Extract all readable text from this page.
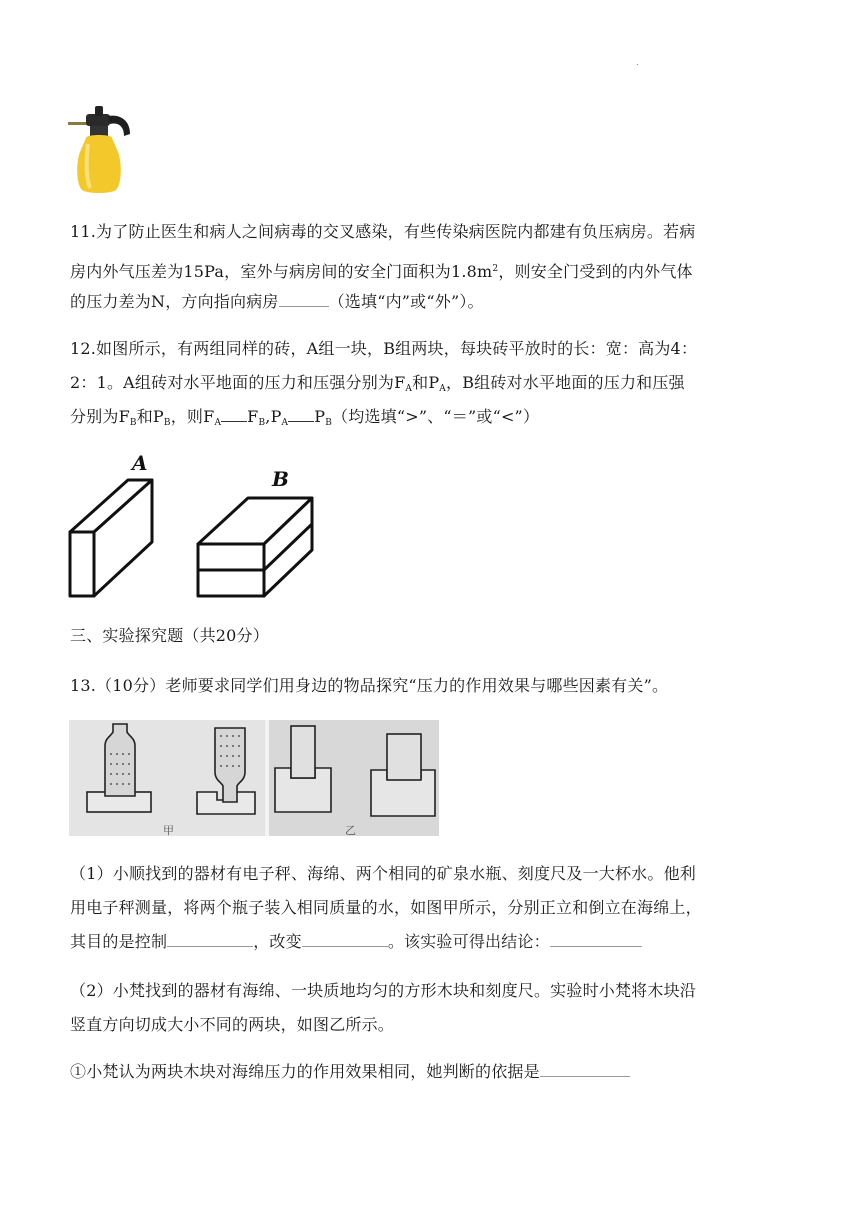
.
11.为了防止医生和病人之间病毒的交叉感染，有些传染病医院内都建有负压病房。若病
房内外气压差为15Pa，室外与病房间的安全门面积为$1.8m^2$，则安全门受到的内外气体
的压力差为N，方向指向病房	（选填“内”或“外”）。
12.如图所示，有两组同样的砖，A组一块，B组两块，每块砖平放时的长：宽：高为4：
2：1。A组砖对水平地面的压力和压强分别为$F_A$和$P_A$，B组砖对水平地面的压力和压强
分别为$F_B$和$P_B$，则$F_A$ $F_B,P_A$ $P_B$（均选填“>”、“＝”或“<”）
A
B
三、实验探究题（共20分）
13.（10分）老师要求同学们用身边的物品探究“压力的作用效果与哪些因素有关”。
甲	乙
（1）小顺找到的器材有电子秤、海绵、两个相同的矿泉水瓶、刻度尺及一大杯水。他利
用电子秤测量，将两个瓶子装入相同质量的水，如图甲所示，分别正立和倒立在海绵上，
其目的是控制	，改变	。该实验可得出结论：
（2）小梵找到的器材有海绵、一块质地均匀的方形木块和刻度尺。实验时小梵将木块沿
竖直方向切成大小不同的两块，如图乙所示。
①小梵认为两块木块对海绵压力的作用效果相同，她判断的依据是
